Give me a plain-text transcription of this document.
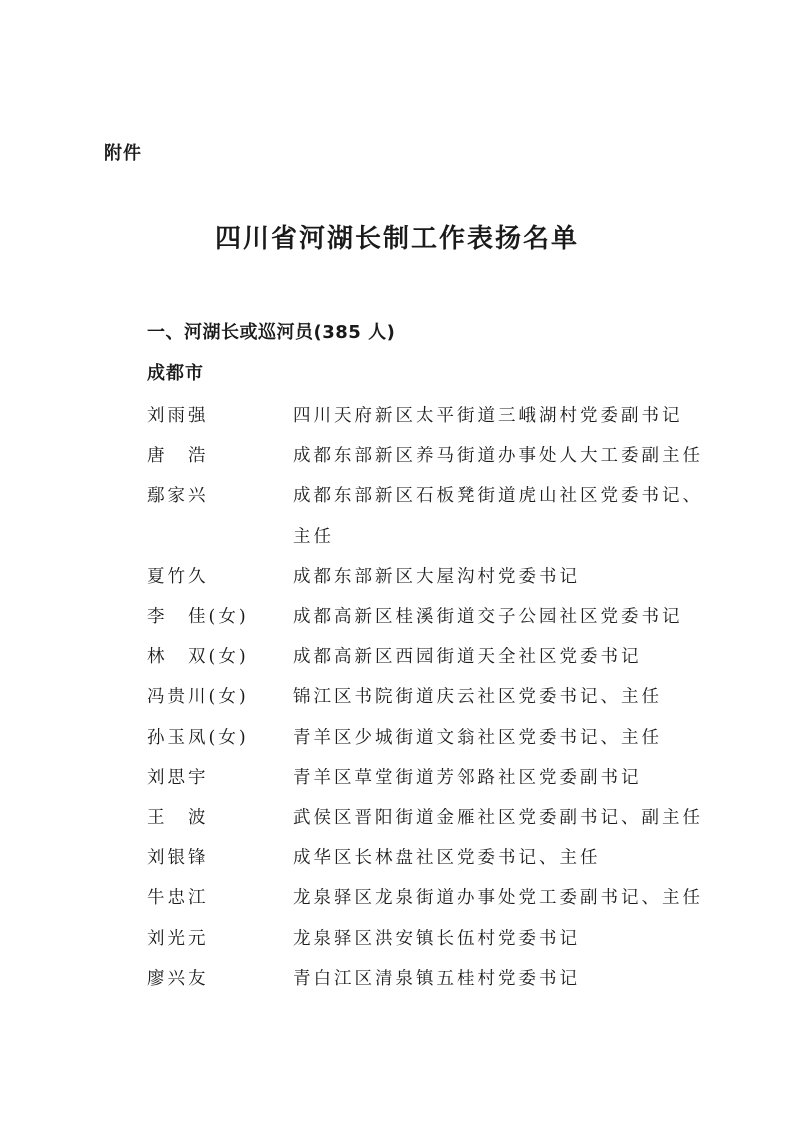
附件
四川省河湖长制工作表扬名单
一、河湖长或巡河员(385 人)
成都市
刘雨强	四川天府新区太平街道三峨湖村党委副书记
唐　浩	成都东部新区养马街道办事处人大工委副主任
鄢家兴	成都东部新区石板凳街道虎山社区党委书记、主任
夏竹久	成都东部新区大屋沟村党委书记
李　佳(女)	成都高新区桂溪街道交子公园社区党委书记
林　双(女)	成都高新区西园街道天全社区党委书记
冯贵川(女)	锦江区书院街道庆云社区党委书记、主任
孙玉凤(女)	青羊区少城街道文翁社区党委书记、主任
刘思宇	青羊区草堂街道芳邻路社区党委副书记
王　波	武侯区晋阳街道金雁社区党委副书记、副主任
刘银锋	成华区长林盘社区党委书记、主任
牛忠江	龙泉驿区龙泉街道办事处党工委副书记、主任
刘光元	龙泉驿区洪安镇长伍村党委书记
廖兴友	青白江区清泉镇五桂村党委书记
